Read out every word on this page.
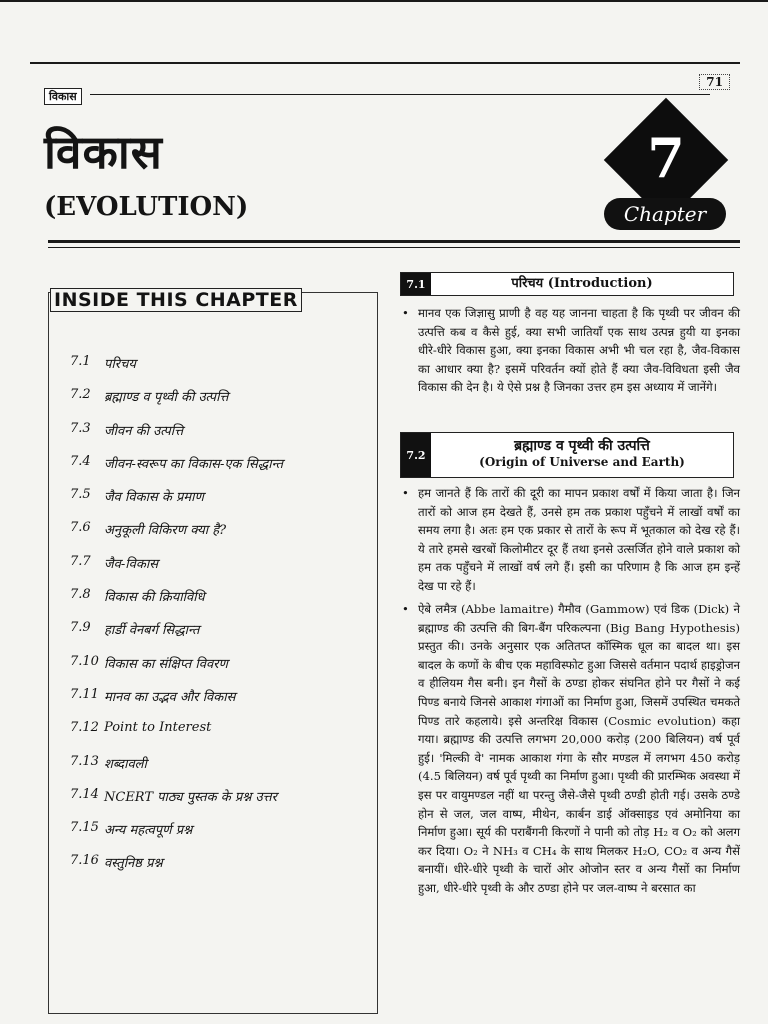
विकास
71
विकास
(EVOLUTION)
7
Chapter
INSIDE THIS CHAPTER
7.1	परिचय
7.2	ब्रह्माण्ड व पृथ्वी की उत्पत्ति
7.3	जीवन की उत्पत्ति
7.4	जीवन-स्वरूप का विकास-एक सिद्धान्त
7.5	जैव विकास के प्रमाण
7.6	अनुकूली विकिरण क्या है?
7.7	जैव-विकास
7.8	विकास की क्रियाविधि
7.9	हार्डी वेनबर्ग सिद्धान्त
7.10 विकास का संक्षिप्त विवरण
7.11 मानव का उद्भव और विकास
7.12 Point to Interest
7.13 शब्दावली
7.14 NCERT पाठ्य पुस्तक के प्रश्न उत्तर
7.15 अन्य महत्वपूर्ण प्रश्न
7.16 वस्तुनिष्ठ प्रश्न
7.1	परिचय (Introduction)
• मानव एक जिज्ञासु प्राणी है वह यह जानना चाहता है कि पृथ्वी पर जीवन की उत्पत्ति कब व कैसे हुई, क्या सभी जातियाँ एक साथ उत्पन्न हुयी या इनका धीरे-धीरे विकास हुआ, क्या इनका विकास अभी भी चल रहा है, जैव-विकास का आधार क्या है? इसमें परिवर्तन क्यों होते हैं क्या जैव-विविधता इसी जैव विकास की देन है। ये ऐसे प्रश्न है जिनका उत्तर हम इस अध्याय में जानेंगे।

7.2
ब्रह्माण्ड व पृथ्वी की उत्पत्ति
(Origin of Universe and Earth)
• हम जानते हैं कि तारों की दूरी का मापन प्रकाश वर्षों में किया जाता है। जिन तारों को आज हम देखते हैं, उनसे हम तक प्रकाश पहुँचने में लाखों वर्षों का समय लगा है। अतः हम एक प्रकार से तारों के रूप में भूतकाल को देख रहे हैं। ये तारे हमसे खरबों किलोमीटर दूर हैं तथा इनसे उत्सर्जित होने वाले प्रकाश को हम तक पहुँचने में लाखों वर्ष लगे हैं। इसी का परिणाम है कि आज हम इन्हें देख पा रहे हैं।

• ऐबे लमैत्र (Abbe lamaitre) गैमौव (Gammow) एवं डिक (Dick) ने ब्रह्माण्ड की उत्पत्ति की बिग-बैंग परिकल्पना (Big Bang Hypothesis) प्रस्तुत की। उनके अनुसार एक अतितप्त कॉस्मिक धूल का बादल था। इस बादल के कणों के बीच एक महाविस्फोट हुआ जिससे वर्तमान पदार्थ हाइड्रोजन व हीलियम गैस बनी। इन गैसों के ठण्डा होकर संघनित होने पर गैसों ने कई पिण्ड बनाये जिनसे आकाश गंगाओं का निर्माण हुआ, जिसमें उपस्थित चमकते पिण्ड तारे कहलाये। इसे अन्तरिक्ष विकास (Cosmic evolution) कहा गया। ब्रह्माण्ड की उत्पत्ति लगभग 20,000 करोड़ (200 बिलियन) वर्ष पूर्व हुई। 'मिल्की वे' नामक आकाश गंगा के सौर मण्डल में लगभग 450 करोड़ (4.5 बिलियन) वर्ष पूर्व पृथ्वी का निर्माण हुआ। पृथ्वी की प्रारम्भिक अवस्था में इस पर वायुमण्डल नहीं था परन्तु जैसे-जैसे पृथ्वी ठण्डी होती गई। उसके ठण्डे होन से जल, जल वाष्प, मीथेन, कार्बन डाई ऑक्साइड एवं अमोनिया का निर्माण हुआ। सूर्य की पराबैंगनी किरणों ने पानी को तोड़ H₂ व O₂ को अलग कर दिया। O₂ ने NH₃ व CH₄ के साथ मिलकर H₂O, CO₂ व अन्य गैसें बनायीं। धीरे-धीरे पृथ्वी के चारों ओर ओजोन स्तर व अन्य गैसों का निर्माण हुआ, धीरे-धीरे पृथ्वी के और ठण्डा होने पर जल-वाष्प ने बरसात का
